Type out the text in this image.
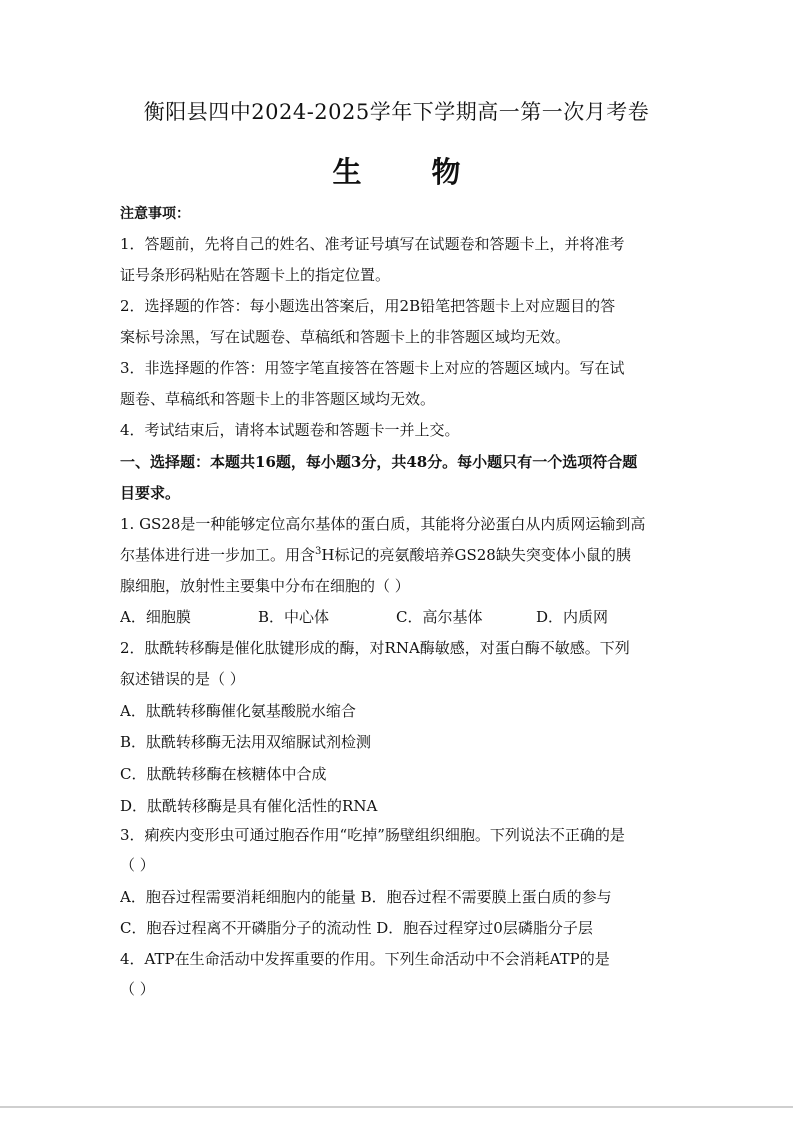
衡阳县四中2024-2025学年下学期高一第一次月考卷
生 物
注意事项：
1．答题前，先将自己的姓名、准考证号填写在试题卷和答题卡上，并将准考
证号条形码粘贴在答题卡上的指定位置。
2．选择题的作答：每小题选出答案后，用2B铅笔把答题卡上对应题目的答
案标号涂黑，写在试题卷、草稿纸和答题卡上的非答题区域均无效。
3．非选择题的作答：用签字笔直接答在答题卡上对应的答题区域内。写在试
题卷、草稿纸和答题卡上的非答题区域均无效。
4．考试结束后，请将本试题卷和答题卡一并上交。
一、选择题：本题共16题，每小题3分，共48分。每小题只有一个选项符合题
目要求。
1. GS28是一种能够定位高尔基体的蛋白质，其能将分泌蛋白从内质网运输到高
尔基体进行进一步加工。用含$^3$H标记的亮氨酸培养GS28缺失突变体小鼠的胰
腺细胞，放射性主要集中分布在细胞的（ ）
A．细胞膜	B．中心体	C．高尔基体	D．内质网
2．肽酰转移酶是催化肽键形成的酶，对RNA酶敏感，对蛋白酶不敏感。下列
叙述错误的是（ ）
A．肽酰转移酶催化氨基酸脱水缩合
B．肽酰转移酶无法用双缩脲试剂检测
C．肽酰转移酶在核糖体中合成
D．肽酰转移酶是具有催化活性的RNA
3．痢疾内变形虫可通过胞吞作用“吃掉”肠壁组织细胞。下列说法不正确的是
（ ）
A．胞吞过程需要消耗细胞内的能量 B．胞吞过程不需要膜上蛋白质的参与
C．胞吞过程离不开磷脂分子的流动性 D．胞吞过程穿过0层磷脂分子层
4．ATP在生命活动中发挥重要的作用。下列生命活动中不会消耗ATP的是
（ ）
